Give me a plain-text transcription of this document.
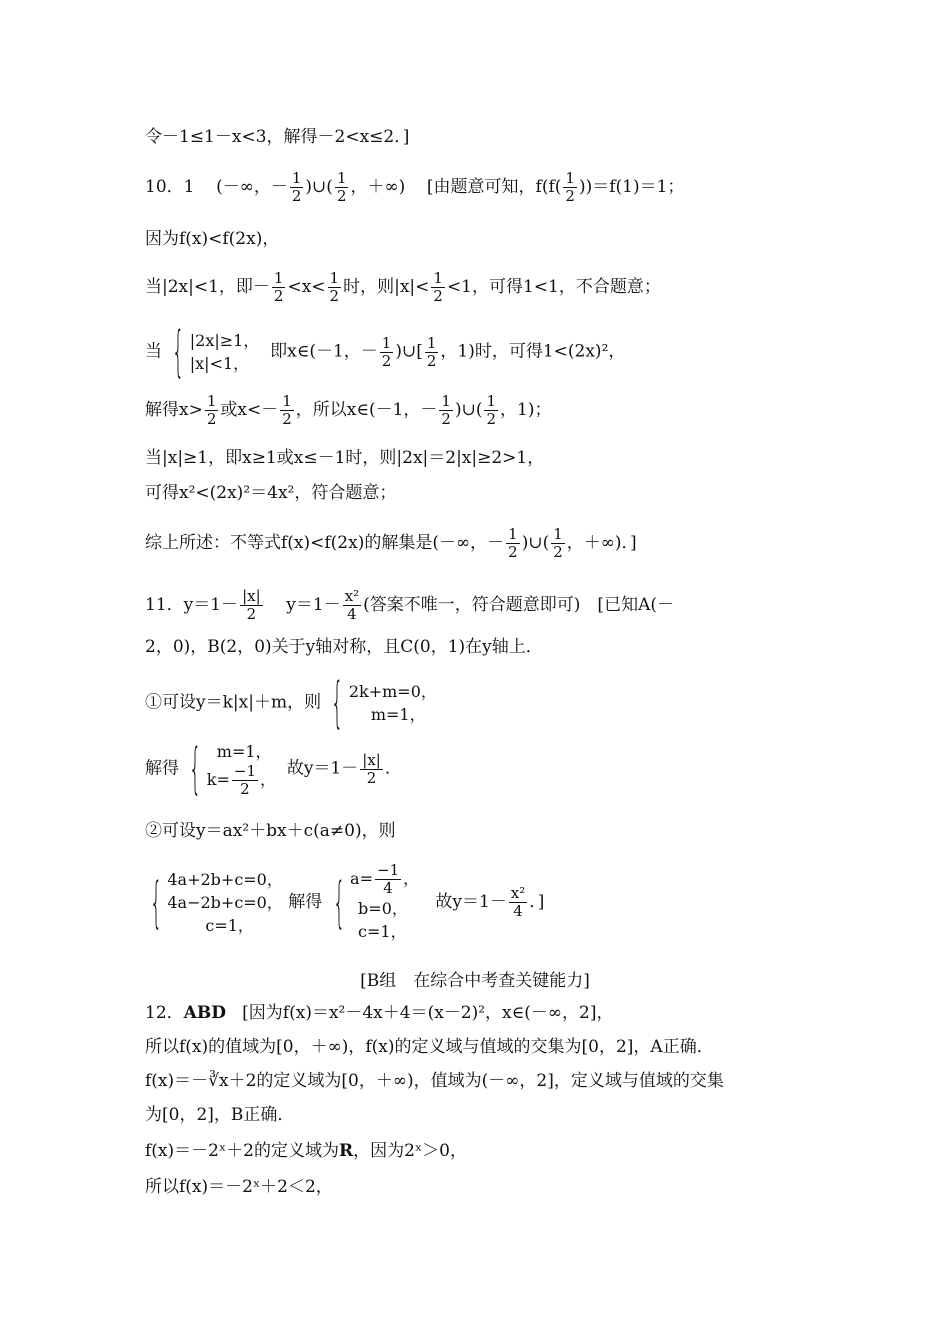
令－1≤1－x<3，解得－2<x≤2．]
10．1 (－∞，－ $\frac{1}{2}$ )∪( $\frac{1}{2}$ ，＋∞) [由题意可知，$f(f( \frac{1}{2} ))=f(1)=1$；
因为f(x)<f(2x)，
当|2x|<1，即－ $\frac{1}{2} <x< \frac{1}{2}$ 时，则$|x|< \frac{1}{2} <1$，可得1<1，不合题意；
当 { |2x|≥1，
|x|<1，
即x∈(－1，－ $\frac{1}{2}$ )∪[ $\frac{1}{2}$ ，1)时，可得1<(2x)²，
解得$x> \frac{1}{2}$ 或$x<- \frac{1}{2}$ ，所以x∈(－1，－ $\frac{1}{2}$ )∪( $\frac{1}{2}$ ，1)；
当|x|≥1，即x≥1或x≤－1时，则|2x|＝2|x|≥2>1，
可得x²<(2x)²＝4x²，符合题意；
综上所述：不等式f(x)<f(2x)的解集是(－∞，－ $\frac{1}{2}$ )∪( $\frac{1}{2}$ ，＋∞)．]
11．$y=1- \frac{|x|}{2} y=1- \frac{\text{x²}}{4}$ (答案不唯一，符合题意即可)　[已知A(－
2，0)，B(2，0)关于y轴对称，且C(0，1)在y轴上．
①可设y＝k|x|＋m，则 { 2k+m=0，
m=1，
解得 { m=1，
$k= \frac{-1}{2}$ ，
故$y=1- \frac{|x|}{2}$ ．
②可设y＝ax²＋bx＋c(a≠0)，则
{ 4a+2b+c=0，
4a−2b+c=0，
c=1，
解得 { $a= \frac{-1}{4}$ ，
b=0，
c=1，
故$y=1- \frac{\text{x²}}{4}$ ．]
[B组　在综合中考查关键能力]
12．ABD [因为f(x)＝x²－4x＋4＝(x－2)²，x∈(－∞，2]，
所以f(x)的值域为[0，＋∞)，f(x)的定义域与值域的交集为[0，2]，A正确．
f(x)＝－∛x＋2的定义域为[0，＋∞)，值域为(－∞，2]，定义域与值域的交集
为[0，2]，B正确．
f(x)＝－2ˣ＋2的定义域为R，因为2ˣ＞0，
所以f(x)＝－2ˣ＋2＜2，
